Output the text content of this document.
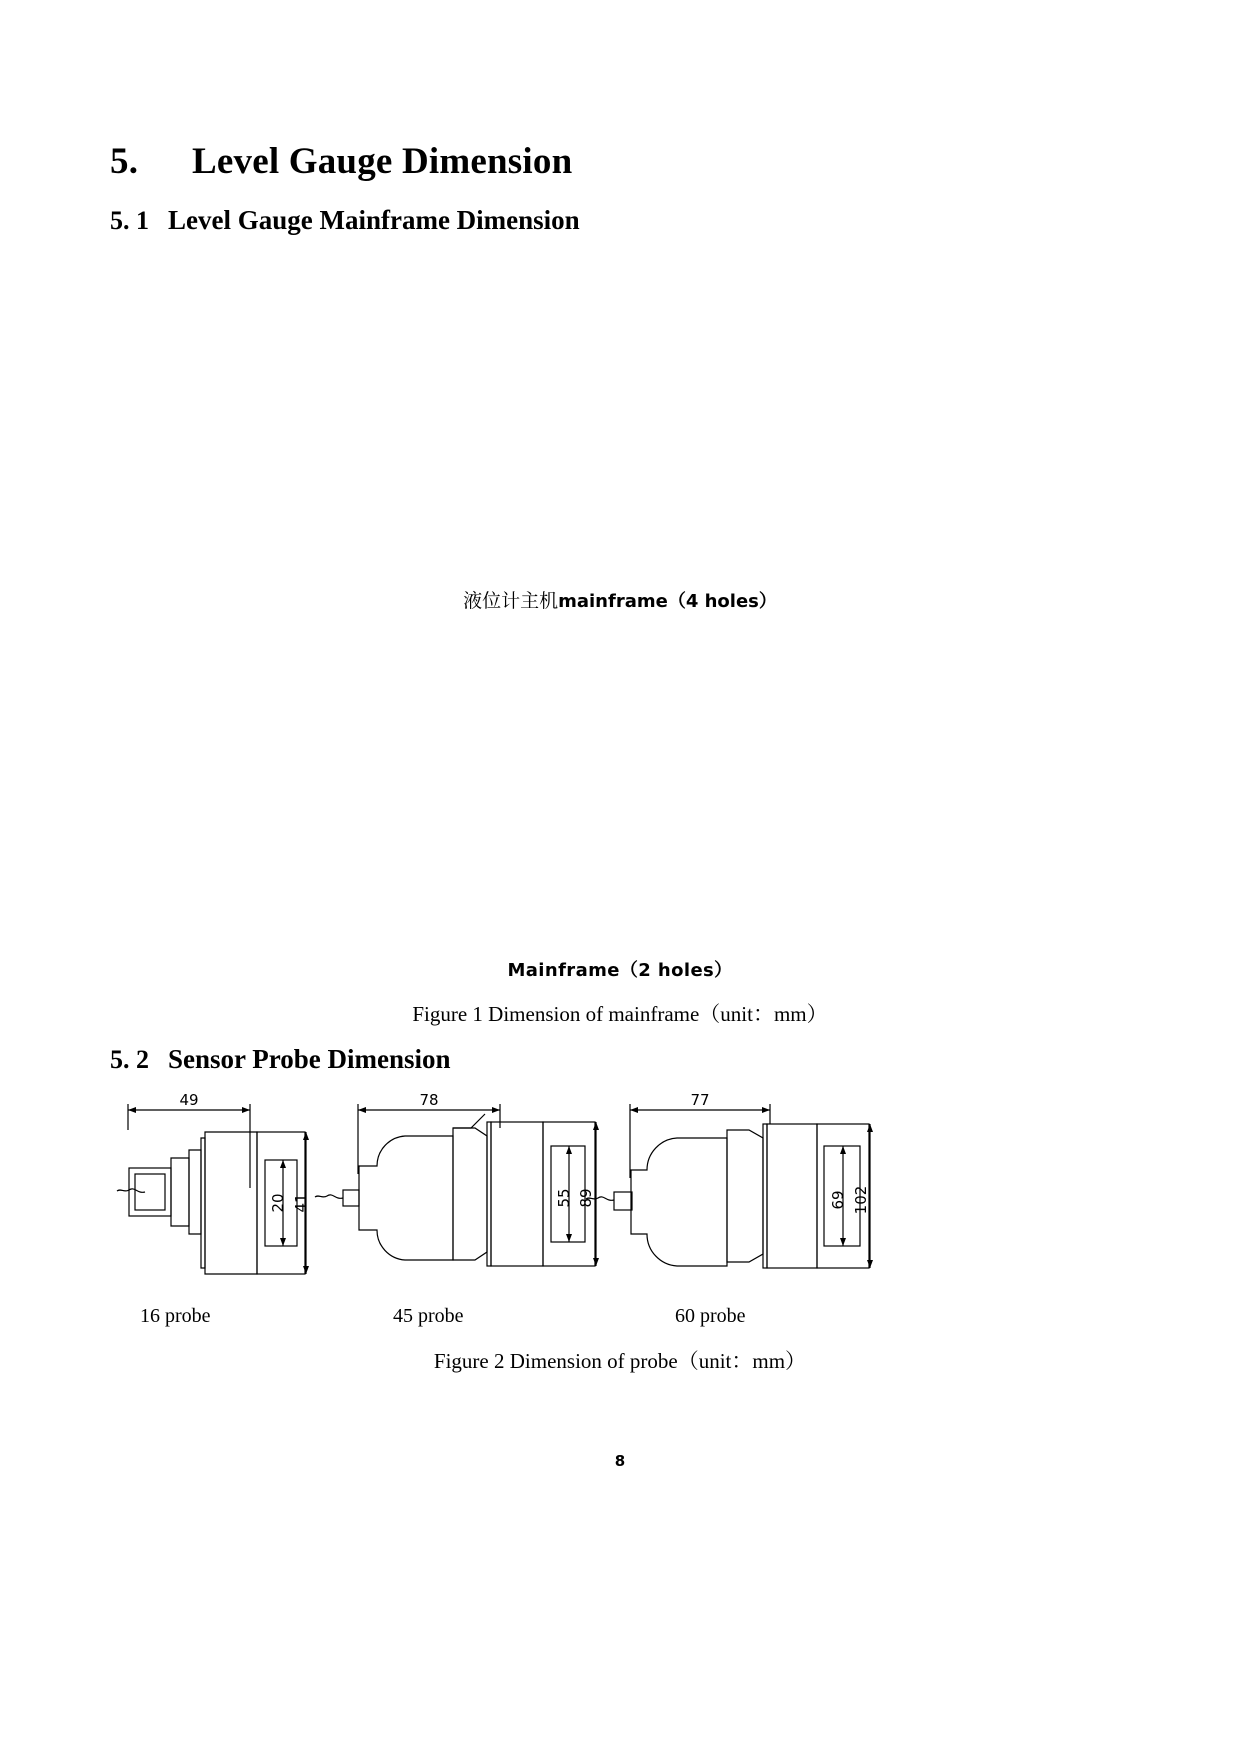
5. Level Gauge Dimension
5. 1 Level Gauge Mainframe Dimension
液位计主机mainframe（4 holes）
Mainframe（2 holes）
Figure 1 Dimension of mainframe（unit：mm）
5. 2 Sensor Probe Dimension
Figure 2 Dimension of probe（unit：mm）
8
49	78	77
20 41	55 89	69 102
16 probe	45 probe	60 probe
